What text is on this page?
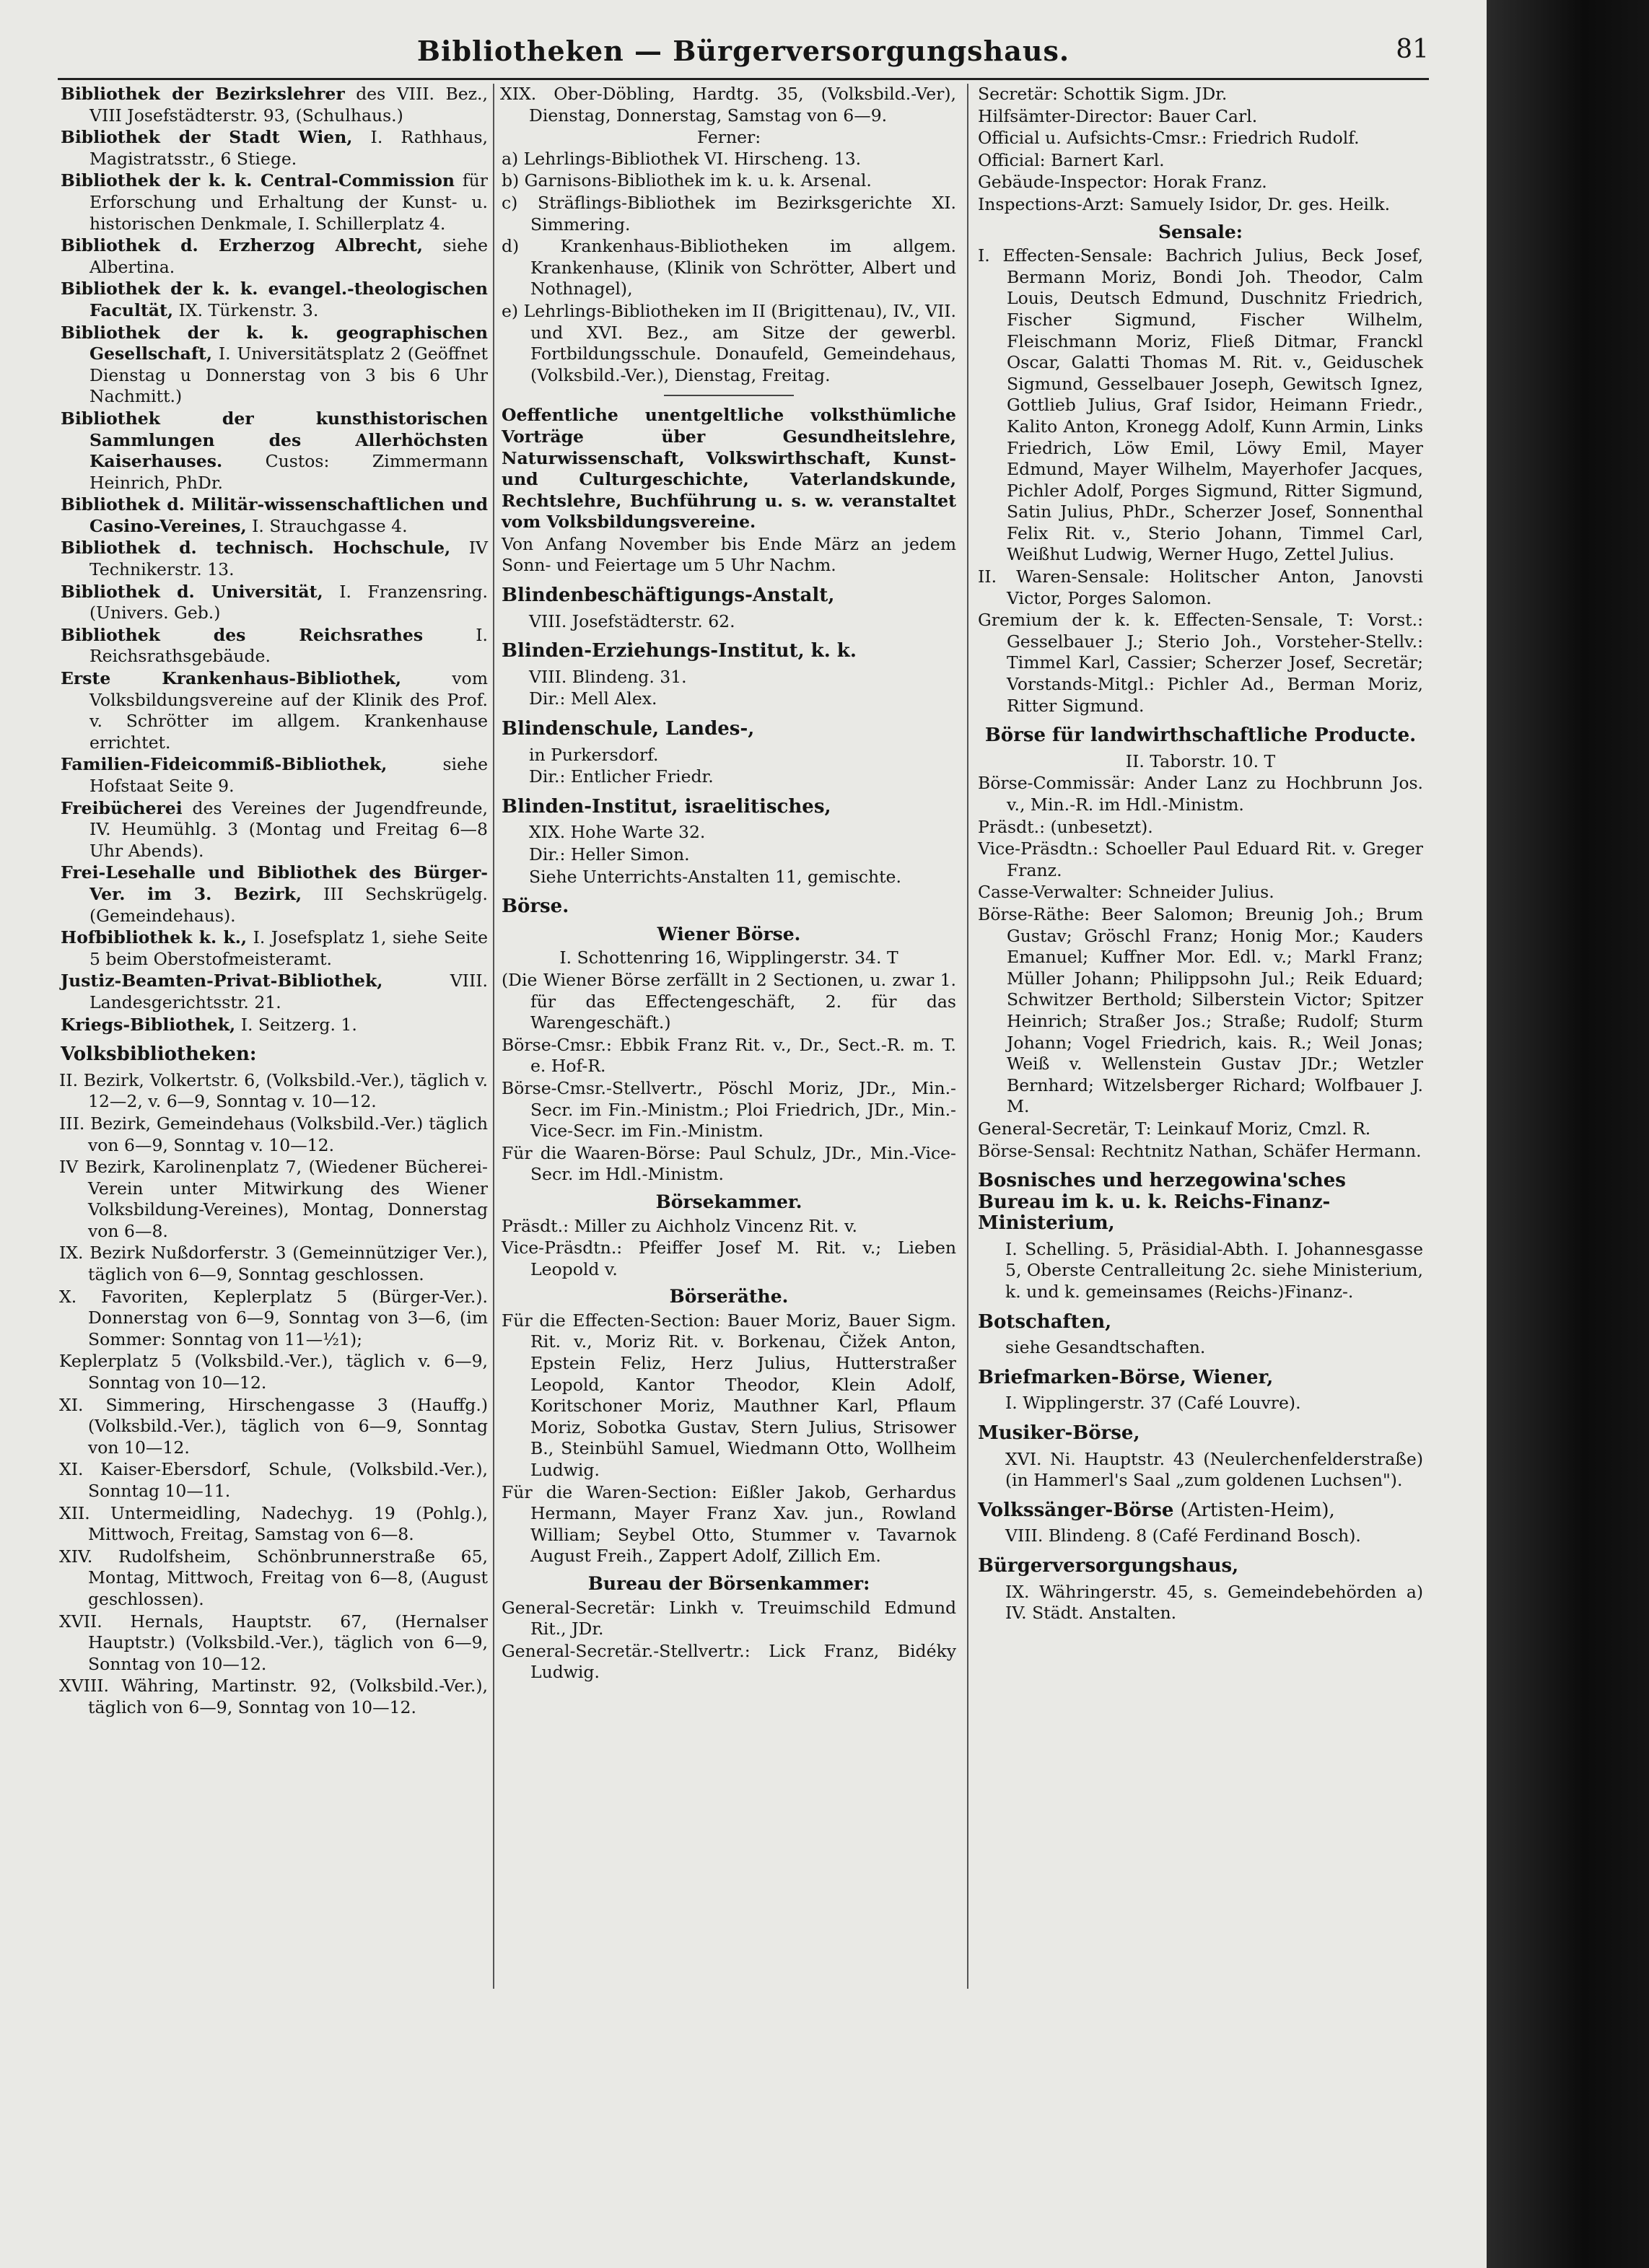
Bibliotheken — Bürgerversorgungshaus.	81
Bibliothek der Bezirkslehrer des VIII. Bez., VIII Josefstädterstr. 93, (Schulhaus.)
Bibliothek der Stadt Wien, I. Rathhaus, Magistratsstr., 6 Stiege.
Bibliothek der k. k. Central-Commission für Erforschung und Erhaltung der Kunst- u. historischen Denkmale, I. Schillerplatz 4.
Bibliothek d. Erzherzog Albrecht, siehe Albertina.
Bibliothek der k. k. evangel.-theologischen Facultät, IX. Türkenstr. 3.
Bibliothek der k. k. geographischen Gesellschaft, I. Universitätsplatz 2 (Geöffnet Dienstag u Donnerstag von 3 bis 6 Uhr Nachmitt.)
Bibliothek der kunsthistorischen Sammlungen des Allerhöchsten Kaiserhauses.	Custos: Zimmermann Heinrich, PhDr.
Bibliothek d. Militär-wissenschaftlichen und Casino-Vereines, I. Strauchgasse 4.
Bibliothek d. technisch. Hochschule, IV Technikerstr. 13.
Bibliothek d. Universität, I. Franzensring. (Univers. Geb.)
Bibliothek des Reichsrathes	I. Reichsrathsgebäude.
Erste Krankenhaus-Bibliothek,	vom Volksbildungsvereine auf der Klinik des Prof. v. Schrötter im allgem. Krankenhause errichtet.
Familien-Fideicommiß-Bibliothek,	siehe Hofstaat Seite 9.
Freibücherei des Vereines der Jugendfreunde, IV. Heumühlg. 3 (Montag und Freitag 6—8 Uhr Abends).
Frei-Lesehalle und Bibliothek des Bürger-Ver. im 3. Bezirk, III Sechskrügelg. (Gemeindehaus).
Hofbibliothek k. k., I. Josefsplatz 1, siehe Seite 5 beim Oberstofmeisteramt.
Justiz-Beamten-Privat-Bibliothek,	VIII. Landesgerichtsstr. 21.
Kriegs-Bibliothek, I. Seitzerg. 1.
Volksbibliotheken:
II. Bezirk, Volkertstr. 6, (Volksbild.-Ver.), täglich v. 12—2, v. 6—9, Sonntag v. 10—12.
III. Bezirk, Gemeindehaus (Volksbild.-Ver.) täglich von 6—9, Sonntag v. 10—12.
IV Bezirk, Karolinenplatz 7, (Wiedener Bücherei-Verein unter Mitwirkung des Wiener Volksbildung-Vereines), Montag, Donnerstag von 6—8.
IX. Bezirk Nußdorferstr. 3 (Gemeinnütziger Ver.), täglich von 6—9, Sonntag geschlossen.
X. Favoriten, Keplerplatz 5 (Bürger-Ver.). Donnerstag von 6—9, Sonntag von 3—6, (im Sommer: Sonntag von 11—½1);
Keplerplatz 5 (Volksbild.-Ver.), täglich v. 6—9, Sonntag von 10—12.
XI. Simmering, Hirschengasse 3 (Hauffg.) (Volksbild.-Ver.), täglich von 6—9, Sonntag von 10—12.
XI. Kaiser-Ebersdorf, Schule, (Volksbild.-Ver.), Sonntag 10—11.
XII. Untermeidling, Nadechyg. 19 (Pohlg.), Mittwoch, Freitag, Samstag von 6—8.
XIV. Rudolfsheim, Schönbrunnerstraße 65, Montag, Mittwoch, Freitag von 6—8, (August geschlossen).
XVII. Hernals, Hauptstr. 67, (Hernalser Hauptstr.) (Volksbild.-Ver.), täglich von 6—9, Sonntag von 10—12.
XVIII. Währing, Martinstr. 92, (Volksbild.-Ver.), täglich von 6—9, Sonntag von 10—12.
XIX. Ober-Döbling, Hardtg. 35, (Volksbild.-Ver), Dienstag, Donnerstag, Samstag von 6—9.
Ferner:
a) Lehrlings-Bibliothek VI. Hirscheng. 13.
b) Garnisons-Bibliothek im k. u. k. Arsenal.
c) Sträflings-Bibliothek im Bezirksgerichte XI. Simmering.
d) Krankenhaus-Bibliotheken im allgem. Krankenhause, (Klinik von Schrötter, Albert und Nothnagel),
e) Lehrlings-Bibliotheken im II (Brigittenau), IV., VII. und XVI. Bez., am Sitze der gewerbl. Fortbildungsschule. Donaufeld, Gemeindehaus, (Volksbild.-Ver.), Dienstag, Freitag.
Oeffentliche unentgeltliche volksthümliche Vorträge über Gesundheitslehre, Naturwissenschaft, Volkswirthschaft, Kunst- und Culturgeschichte, Vaterlandskunde, Rechtslehre, Buchführung u. s. w. veranstaltet vom Volksbildungsvereine.
Von Anfang November bis Ende März an jedem Sonn- und Feiertage um 5 Uhr Nachm.
Blindenbeschäftigungs-Anstalt,
VIII. Josefstädterstr. 62.
Blinden-Erziehungs-Institut, k. k.
VIII. Blindeng. 31.
Dir.: Mell Alex.
Blindenschule, Landes-,
in Purkersdorf.
Dir.: Entlicher Friedr.
Blinden-Institut, israelitisches,
XIX. Hohe Warte 32.
Dir.: Heller Simon.
Siehe Unterrichts-Anstalten 11, gemischte.
Börse.
Wiener Börse.
I. Schottenring 16, Wipplingerstr. 34. T
(Die Wiener Börse zerfällt in 2 Sectionen, u. zwar 1. für das Effectengeschäft, 2. für das Warengeschäft.)
Börse-Cmsr.: Ebbik Franz Rit. v., Dr., Sect.-R. m. T. e. Hof-R.
Börse-Cmsr.-Stellvertr., Pöschl Moriz, JDr., Min.-Secr. im Fin.-Ministm.; Ploi Friedrich, JDr., Min.-Vice-Secr. im Fin.-Ministm.
Für die Waaren-Börse: Paul Schulz, JDr., Min.-Vice-Secr. im Hdl.-Ministm.
Börsekammer.
Präsdt.: Miller zu Aichholz Vincenz Rit. v.
Vice-Präsdtn.: Pfeiffer Josef M. Rit. v.; Lieben Leopold v.
Börseräthe.
Für die Effecten-Section: Bauer Moriz, Bauer Sigm. Rit. v., Moriz Rit. v. Borkenau, Čižek Anton, Epstein Feliz, Herz Julius, Hutterstraßer Leopold, Kantor Theodor, Klein Adolf, Koritschoner Moriz, Mauthner Karl, Pflaum Moriz, Sobotka Gustav, Stern Julius, Strisower B., Steinbühl Samuel, Wiedmann Otto, Wollheim Ludwig.
Für die Waren-Section: Eißler Jakob, Gerhardus Hermann, Mayer Franz Xav. jun., Rowland William; Seybel Otto, Stummer v. Tavarnok August Freih., Zappert Adolf, Zillich Em.
Bureau der Börsenkammer:
General-Secretär: Linkh v. Treuimschild Edmund Rit., JDr.
General-Secretär.-Stellvertr.: Lick Franz, Bidéky Ludwig.
Secretär: Schottik Sigm. JDr.
Hilfsämter-Director: Bauer Carl.
Official u. Aufsichts-Cmsr.: Friedrich Rudolf.
Official: Barnert Karl.
Gebäude-Inspector: Horak Franz.
Inspections-Arzt: Samuely Isidor, Dr. ges. Heilk.
Sensale:
I. Effecten-Sensale: Bachrich Julius, Beck Josef, Bermann Moriz, Bondi Joh. Theodor, Calm Louis, Deutsch Edmund, Duschnitz Friedrich, Fischer Sigmund, Fischer Wilhelm, Fleischmann Moriz, Fließ Ditmar, Franckl Oscar, Galatti Thomas M. Rit. v., Geiduschek Sigmund, Gesselbauer Joseph, Gewitsch Ignez, Gottlieb Julius, Graf Isidor, Heimann Friedr., Kalito Anton, Kronegg Adolf, Kunn Armin, Links Friedrich, Löw Emil, Löwy Emil, Mayer Edmund, Mayer Wilhelm, Mayerhofer Jacques, Pichler Adolf, Porges Sigmund, Ritter Sigmund, Satin Julius, PhDr., Scherzer Josef, Sonnenthal Felix Rit. v., Sterio Johann, Timmel Carl, Weißhut Ludwig, Werner Hugo, Zettel Julius.
II. Waren-Sensale: Holitscher Anton, Janovsti Victor, Porges Salomon.
Gremium der k. k. Effecten-Sensale, T: Vorst.: Gesselbauer J.; Sterio Joh., Vorsteher-Stellv.: Timmel Karl, Cassier; Scherzer Josef, Secretär; Vorstands-Mitgl.: Pichler Ad., Berman Moriz, Ritter Sigmund.
Börse für landwirthschaftliche Producte.
II. Taborstr. 10. T
Börse-Commissär: Ander Lanz zu Hochbrunn Jos. v., Min.-R. im Hdl.-Ministm.
Präsdt.: (unbesetzt).
Vice-Präsdtn.: Schoeller Paul Eduard Rit. v. Greger Franz.
Casse-Verwalter: Schneider Julius.
Börse-Räthe: Beer Salomon; Breunig Joh.; Brum Gustav; Gröschl Franz; Honig Mor.; Kauders Emanuel; Kuffner Mor. Edl. v.; Markl Franz; Müller Johann; Philippsohn Jul.; Reik Eduard; Schwitzer Berthold; Silberstein Victor; Spitzer Heinrich; Straßer Jos.; Straße; Rudolf; Sturm Johann; Vogel Friedrich, kais. R.; Weil Jonas; Weiß v. Wellenstein Gustav JDr.; Wetzler Bernhard; Witzelsberger Richard; Wolfbauer J. M.
General-Secretär, T: Leinkauf Moriz, Cmzl. R.
Börse-Sensal: Rechtnitz Nathan, Schäfer Hermann.
Bosnisches und herzegowina'sches Bureau im k. u. k. Reichs-Finanz-Ministerium,
I. Schelling. 5, Präsidial-Abth. I. Johannesgasse 5, Oberste Centralleitung 2c. siehe Ministerium, k. und k. gemeinsames (Reichs-)Finanz-.
Botschaften,
siehe Gesandtschaften.
Briefmarken-Börse, Wiener,
I. Wipplingerstr. 37 (Café Louvre).
Musiker-Börse,
XVI. Ni. Hauptstr. 43 (Neulerchenfelderstraße) (in Hammerl's Saal „zum goldenen Luchsen").
Volkssänger-Börse (Artisten-Heim),
VIII. Blindeng. 8 (Café Ferdinand Bosch).
Bürgerversorgungshaus,
IX. Währingerstr. 45, s. Gemeindebehörden a) IV. Städt. Anstalten.
